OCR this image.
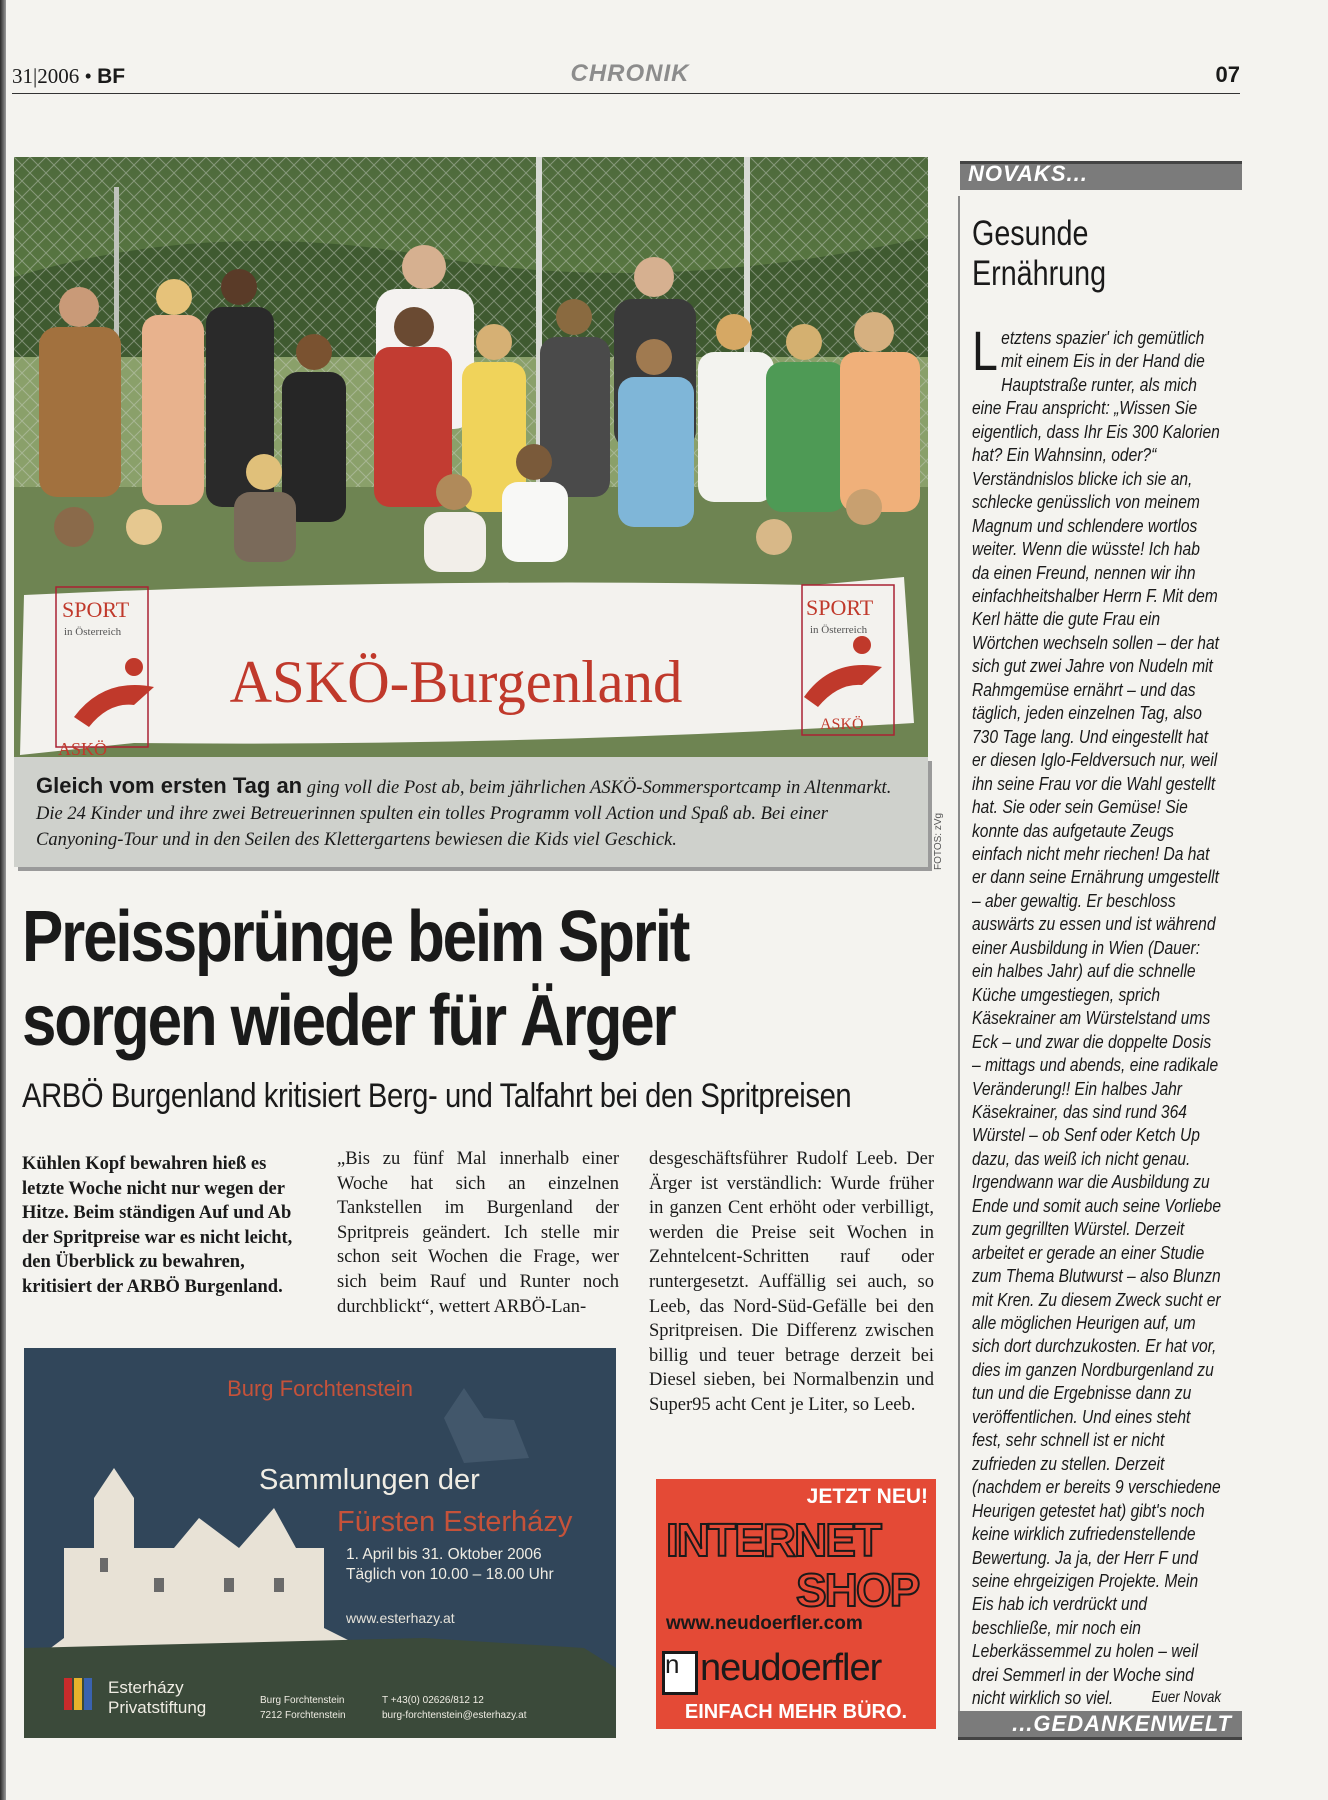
31|2006 • BF	CHRONIK	07
SPORT
in Österreich
SPORT
in Österreich
ASKÖ-Burgenland
ASKÖ
ASKÖ
Gleich vom ersten Tag an ging voll die Post ab, beim jährlichen ASKÖ-Sommersportcamp in Altenmarkt. Die 24 Kinder und ihre zwei Betreuerinnen spulten ein tolles Programm voll Action und Spaß ab. Bei einer Canyoning-Tour und in den Seilen des Klettergartens bewiesen die Kids viel Geschick.	FOTOS: zVg
Preissprünge beim Sprit
sorgen wieder für Ärger
ARBÖ Burgenland kritisiert Berg- und Talfahrt bei den Spritpreisen
Kühlen Kopf bewahren hieß es letzte Woche nicht nur wegen der Hitze. Beim ständigen Auf und Ab der Spritpreise war es nicht leicht, den Überblick zu bewahren, kritisiert der ARBÖ Burgenland.
„Bis zu fünf Mal innerhalb einer Woche hat sich an einzelnen Tankstellen im Burgenland der Spritpreis geändert. Ich stelle mir schon seit Wochen die Frage, wer sich beim Rauf und Runter noch durchblickt“, wettert ARBÖ-Lan-
desgeschäftsführer Rudolf Leeb. Der Ärger ist verständlich: Wurde früher in ganzen Cent erhöht oder verbilligt, werden die Preise seit Wochen in Zehntelcent-Schritten rauf oder runtergesetzt. Auffällig sei auch, so Leeb, das Nord-Süd-Gefälle bei den Spritpreisen. Die Differenz zwischen billig und teuer betrage derzeit bei Diesel sieben, bei Normalbenzin und Super95 acht Cent je Liter, so Leeb.
Burg Forchtenstein
Sammlungen der
Fürsten Esterházy
1. April bis 31. Oktober 2006
Täglich von 10.00 – 18.00 Uhr
www.esterhazy.at
Esterházy
Privatstiftung	Burg Forchtenstein
7212 Forchtenstein
T +43(0) 02626/812 12
burg-forchtenstein@esterhazy.at
JETZT NEU!
INTERNET
SHOP
www.neudoerfler.com
n neudoerfler
EINFACH MEHR BÜRO.
NOVAKS...
Gesunde
Ernährung
Letztens spazier' ich gemütlich mit einem Eis in der Hand die Hauptstraße runter, als mich eine Frau anspricht: „Wissen Sie eigentlich, dass Ihr Eis 300 Kalorien hat? Ein Wahnsinn, oder?“ Verständnislos blicke ich sie an, schlecke genüsslich von meinem Magnum und schlendere wortlos weiter. Wenn die wüsste! Ich hab da einen Freund, nennen wir ihn einfachheitshalber Herrn F. Mit dem Kerl hätte die gute Frau ein Wörtchen wechseln sollen – der hat sich gut zwei Jahre von Nudeln mit Rahmgemüse ernährt – und das täglich, jeden einzelnen Tag, also 730 Tage lang. Und eingestellt hat er diesen Iglo-Feldversuch nur, weil ihn seine Frau vor die Wahl gestellt hat. Sie oder sein Gemüse! Sie konnte das aufgetaute Zeugs einfach nicht mehr riechen! Da hat er dann seine Ernährung umgestellt – aber gewaltig. Er beschloss auswärts zu essen und ist während einer Ausbildung in Wien (Dauer: ein halbes Jahr) auf die schnelle Küche umgestiegen, sprich Käsekrainer am Würstelstand ums Eck – und zwar die doppelte Dosis – mittags und abends, eine radikale Veränderung!! Ein halbes Jahr Käsekrainer, das sind rund 364 Würstel – ob Senf oder Ketch Up dazu, das weiß ich nicht genau. Irgendwann war die Ausbildung zu Ende und somit auch seine Vorliebe zum gegrillten Würstel. Derzeit arbeitet er gerade an einer Studie zum Thema Blutwurst – also Blunzn mit Kren. Zu diesem Zweck sucht er alle möglichen Heurigen auf, um sich dort durchzukosten. Er hat vor, dies im ganzen Nordburgenland zu tun und die Ergebnisse dann zu veröffentlichen. Und eines steht fest, sehr schnell ist er nicht zufrieden zu stellen. Derzeit (nachdem er bereits 9 verschiedene Heurigen getestet hat) gibt's noch keine wirklich zufriedenstellende Bewertung. Ja ja, der Herr F und seine ehrgeizigen Projekte. Mein Eis hab ich verdrückt und beschließe, mir noch ein Leberkässemmel zu holen – weil drei Semmerl in der Woche sind nicht wirklich so viel. Euer Novak
...GEDANKENWELT
